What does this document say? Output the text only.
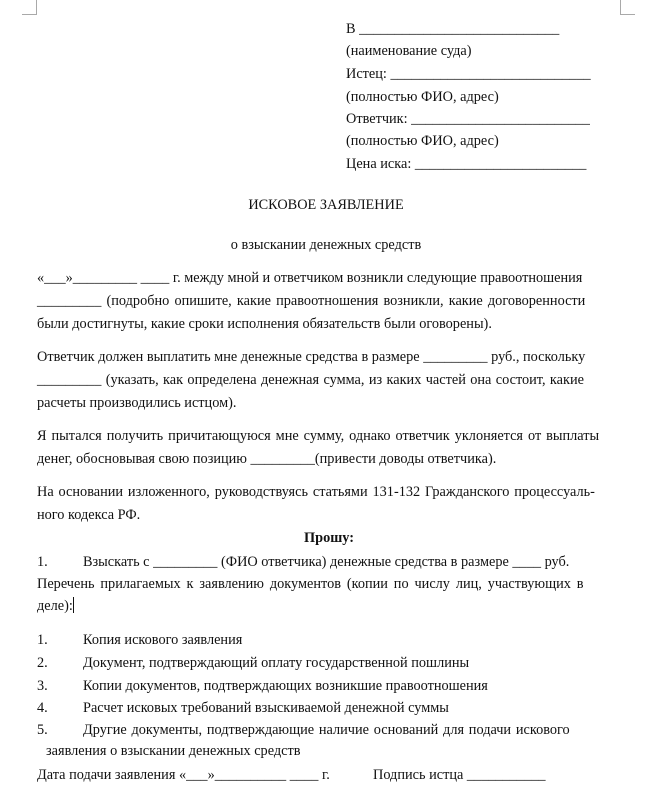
В ____________________________
(наименование суда)
Истец: ____________________________
(полностью ФИО, адрес)
Ответчик: _________________________
(полностью ФИО, адрес)
Цена иска: ________________________
ИСКОВОЕ ЗАЯВЛЕНИЕ
о взыскании денежных средств
«___»_________ ____ г. между мной и ответчиком возникли следующие правоотношения
_________ (подробно опишите, какие правоотношения возникли, какие договоренности
были достигнуты, какие сроки исполнения обязательств были оговорены).
Ответчик должен выплатить мне денежные средства в размере _________ руб., поскольку
_________ (указать, как определена денежная сумма, из каких частей она состоит, какие
расчеты производились истцом).
Я пытался получить причитающуюся мне сумму, однако ответчик уклоняется от выплаты
денег, обосновывая свою позицию _________(привести доводы ответчика).
На основании изложенного, руководствуясь статьями 131-132 Гражданского процессуаль-
ного кодекса РФ.
Прошу:
1. Взыскать с _________ (ФИО ответчика) денежные средства в размере ____ руб.
Перечень прилагаемых к заявлению документов (копии по числу лиц, участвующих в
деле):
1. Копия искового заявления
2. Документ, подтверждающий оплату государственной пошлины
3. Копии документов, подтверждающих возникшие правоотношения
4. Расчет исковых требований взыскиваемой денежной суммы
5. Другие документы, подтверждающие наличие оснований для подачи искового
заявления о взыскании денежных средств
Дата подачи заявления «___»__________ ____ г.	Подпись истца ___________
